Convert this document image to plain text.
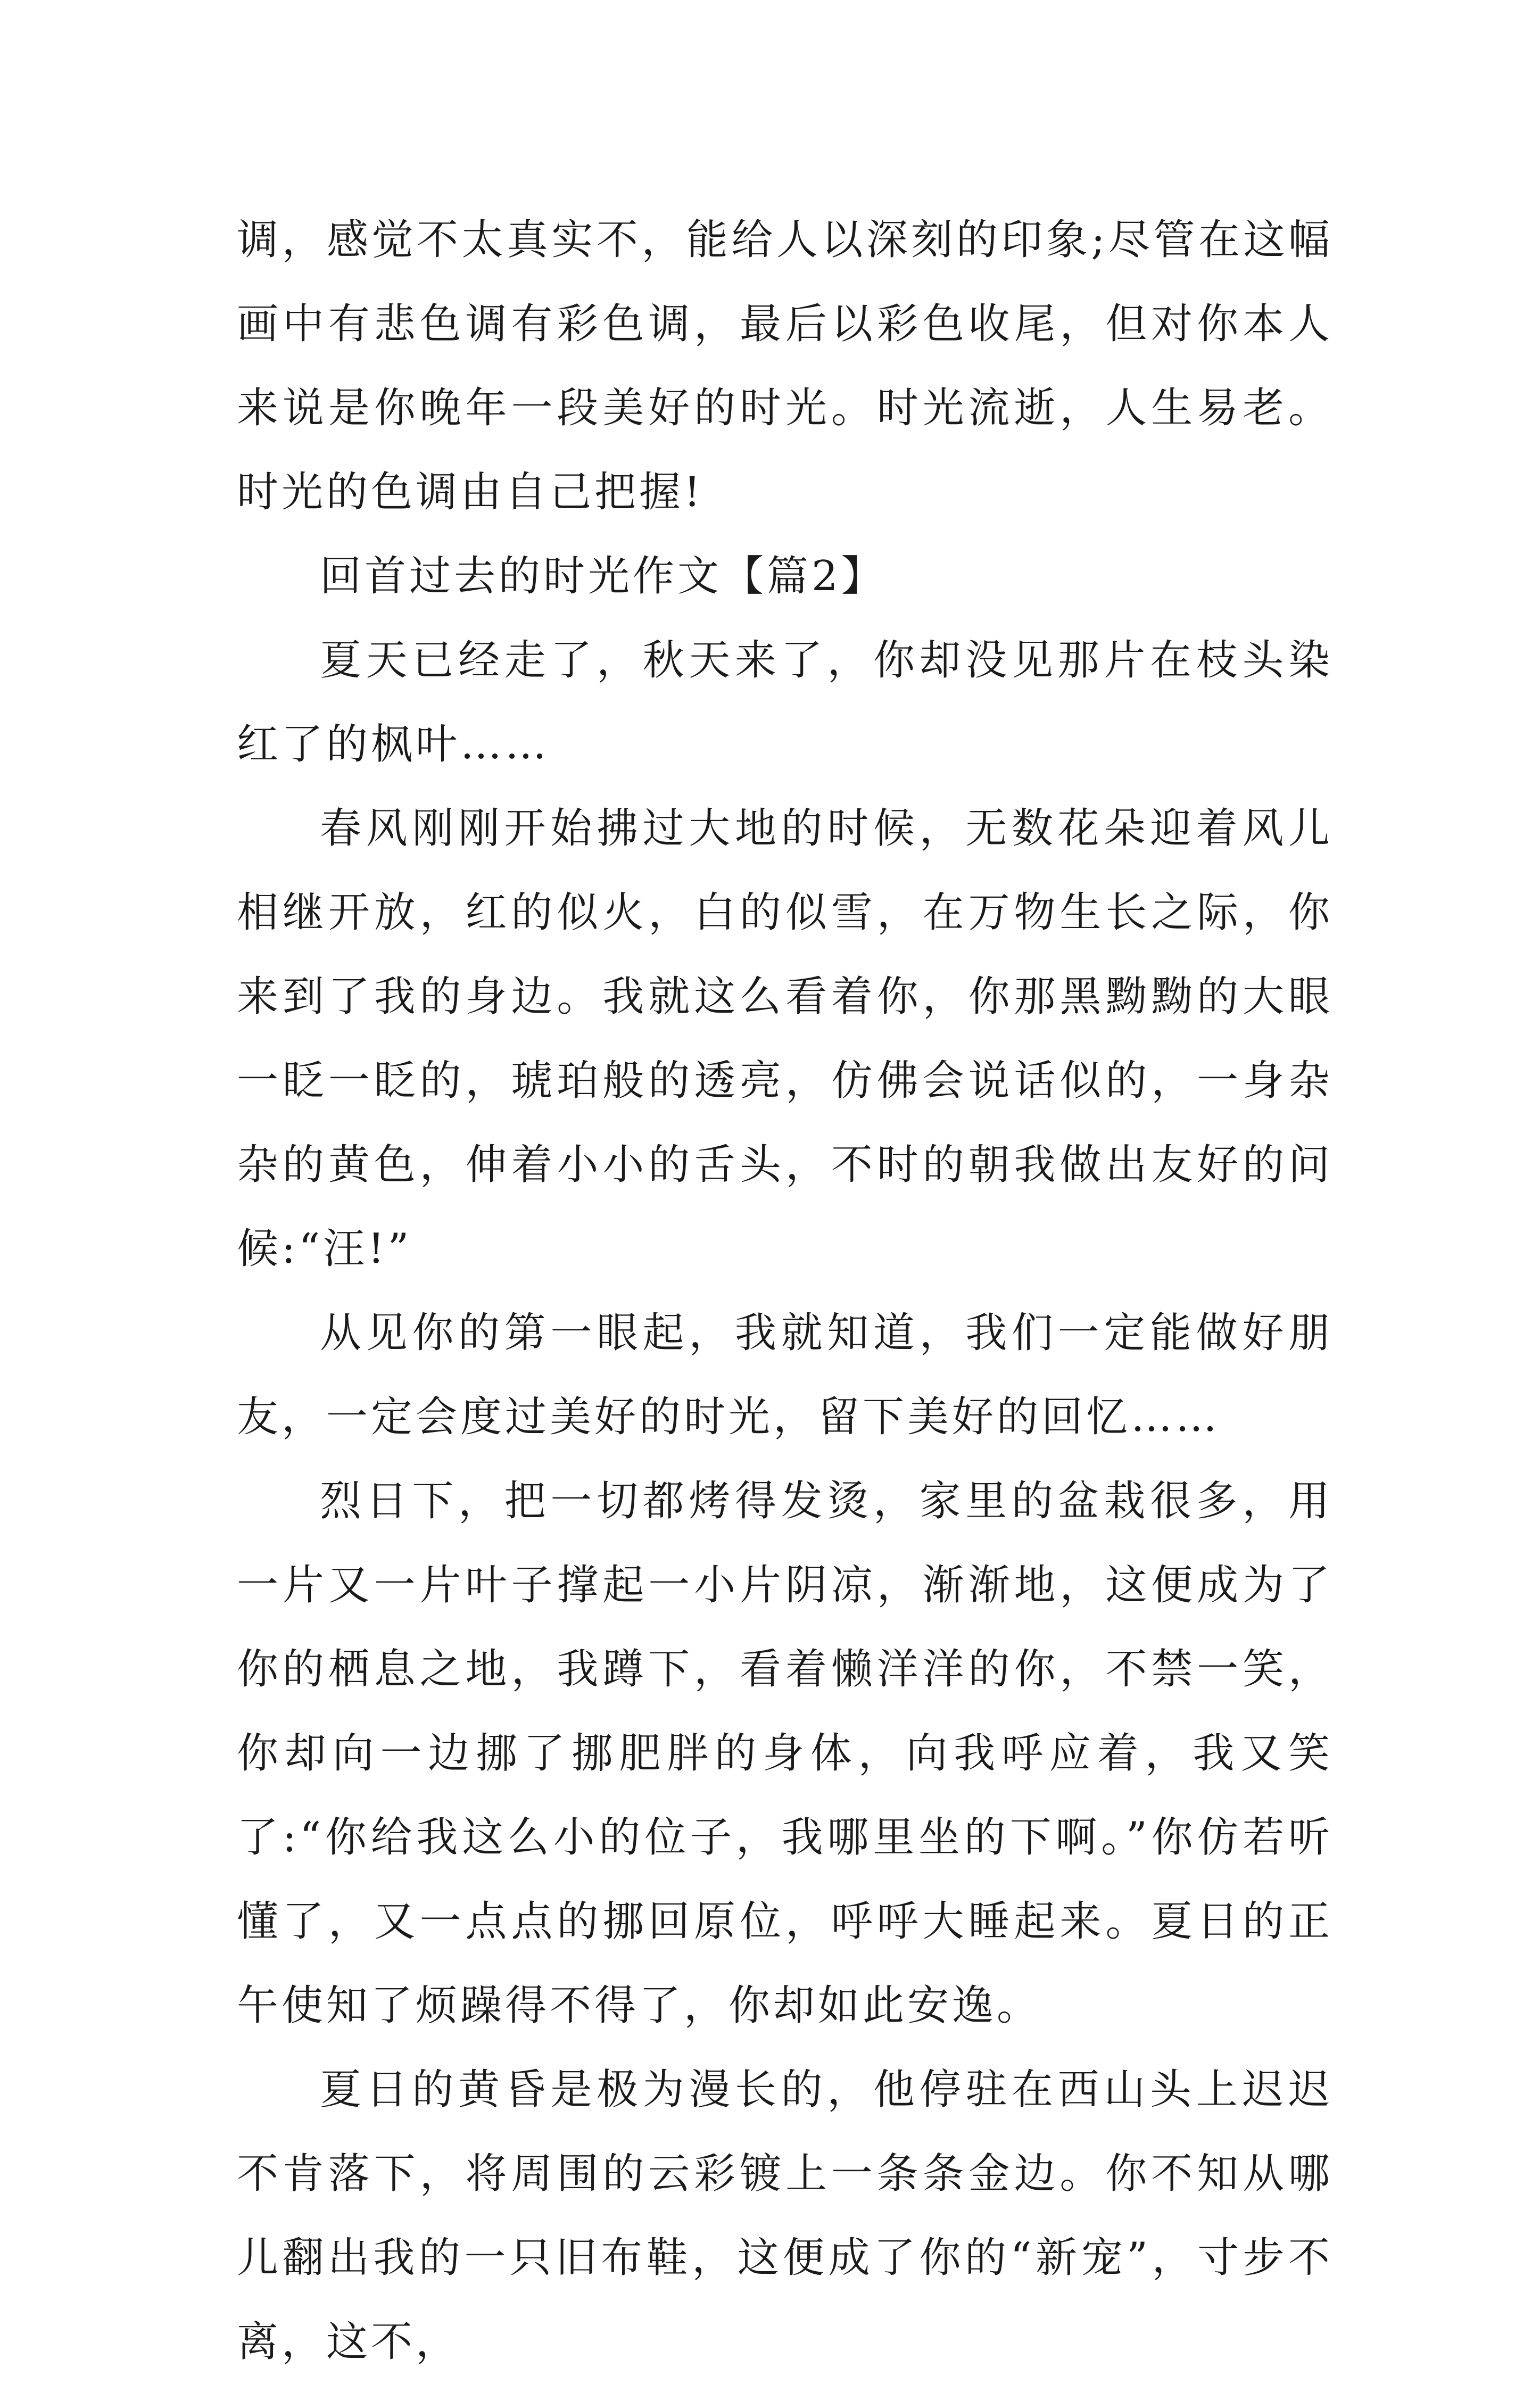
调，感觉不太真实不，能给人以深刻的印象;尽管在这幅画中有悲色调有彩色调，最后以彩色收尾，但对你本人来说是你晚年一段美好的时光。时光流逝，人生易老。时光的色调由自己把握!

回首过去的时光作文【篇2】

夏天已经走了，秋天来了，你却没见那片在枝头染红了的枫叶……

春风刚刚开始拂过大地的时候，无数花朵迎着风儿相继开放，红的似火，白的似雪，在万物生长之际，你来到了我的身边。我就这么看着你，你那黑黝黝的大眼一眨一眨的，琥珀般的透亮，仿佛会说话似的，一身杂杂的黄色，伸着小小的舌头，不时的朝我做出友好的问候:“汪!”

从见你的第一眼起，我就知道，我们一定能做好朋友，一定会度过美好的时光，留下美好的回忆……

烈日下，把一切都烤得发烫，家里的盆栽很多，用一片又一片叶子撑起一小片阴凉，渐渐地，这便成为了你的栖息之地，我蹲下，看着懒洋洋的你，不禁一笑，你却向一边挪了挪肥胖的身体，向我呼应着，我又笑了:“你给我这么小的位子，我哪里坐的下啊。”你仿若听懂了，又一点点的挪回原位，呼呼大睡起来。夏日的正午使知了烦躁得不得了，你却如此安逸。

夏日的黄昏是极为漫长的，他停驻在西山头上迟迟不肯落下，将周围的云彩镀上一条条金边。你不知从哪儿翻出我的一只旧布鞋，这便成了你的“新宠”，寸步不离，这不，
